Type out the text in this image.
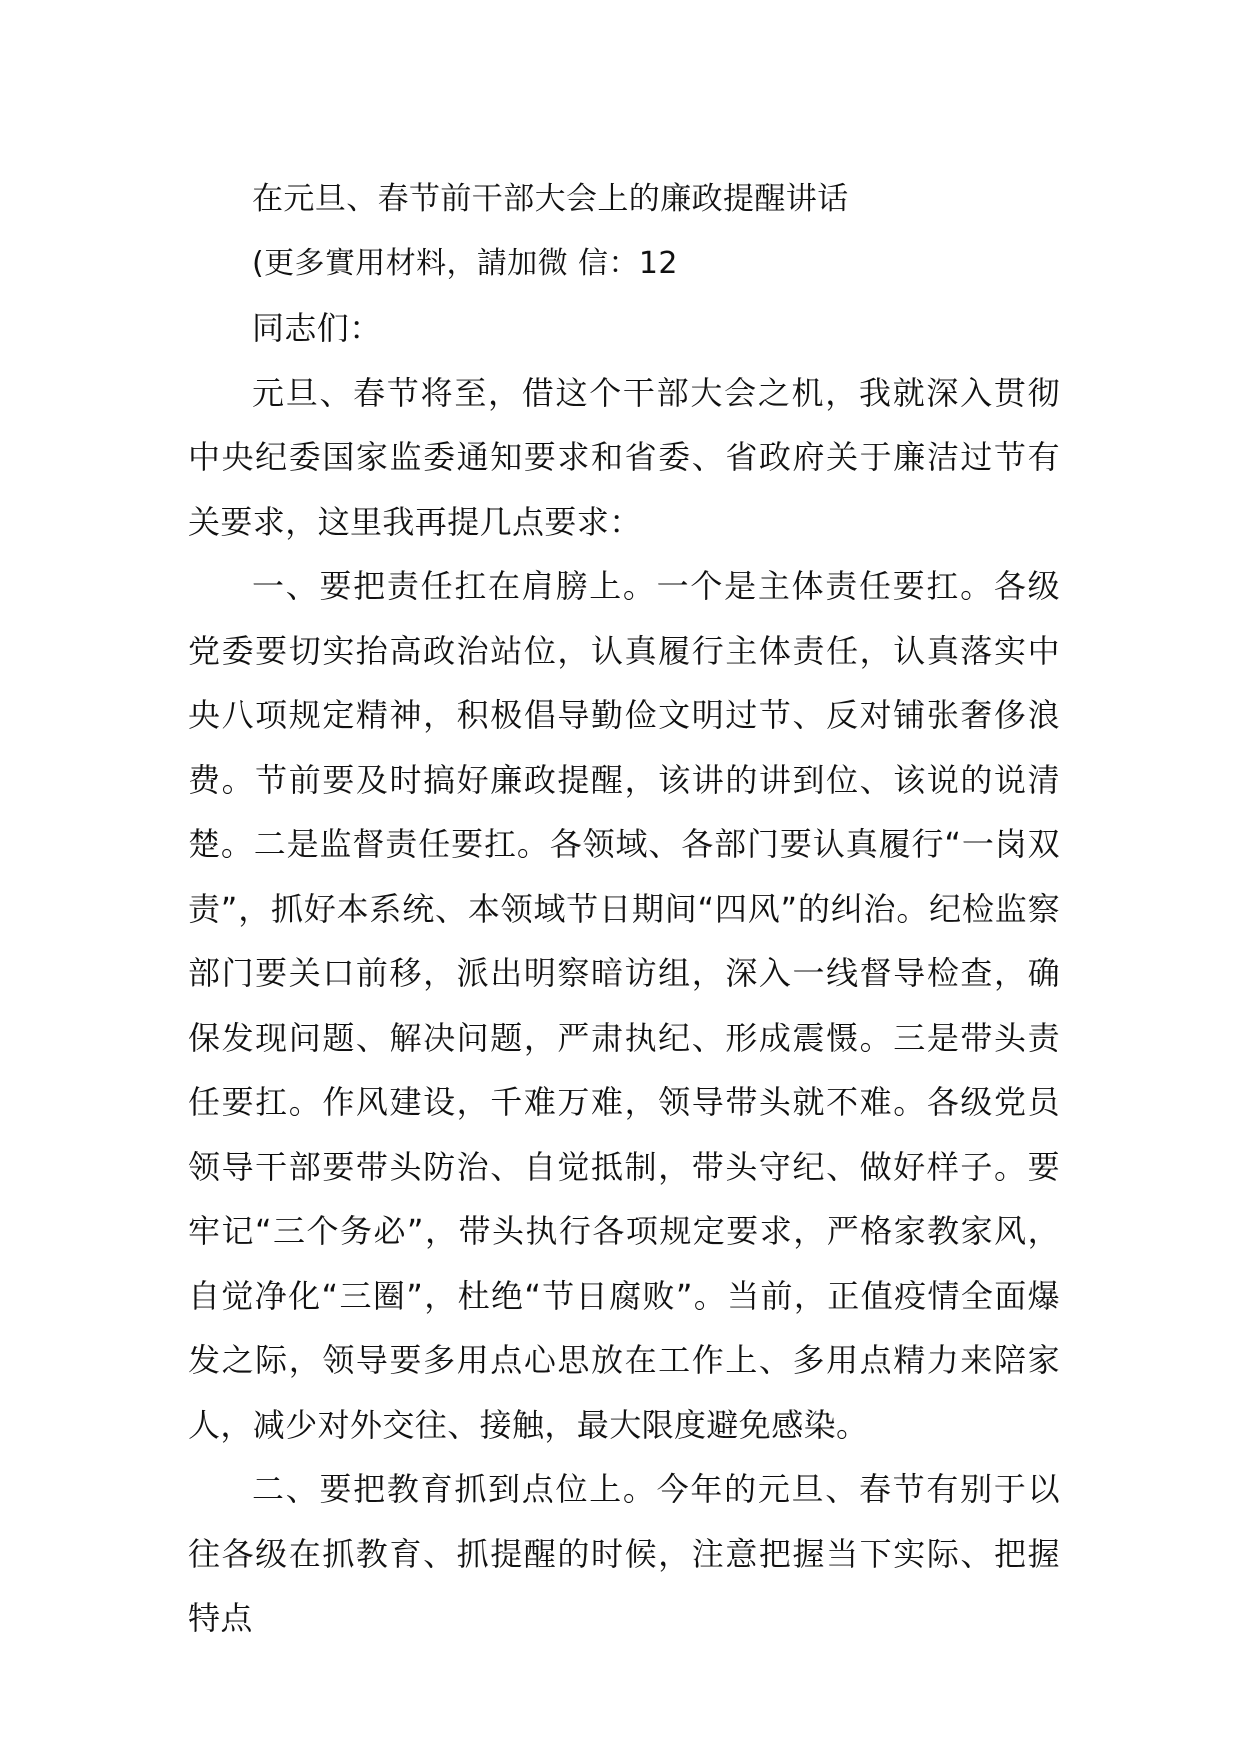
在元旦、春节前干部大会上的廉政提醒讲话

(更多實用材料，請加微 信：12

同志们：

元旦、春节将至，借这个干部大会之机，我就深入贯彻中央纪委国家监委通知要求和省委、省政府关于廉洁过节有关要求，这里我再提几点要求：

一、要把责任扛在肩膀上。一个是主体责任要扛。各级党委要切实抬高政治站位，认真履行主体责任，认真落实中央八项规定精神，积极倡导勤俭文明过节、反对铺张奢侈浪费。节前要及时搞好廉政提醒，该讲的讲到位、该说的说清楚。二是监督责任要扛。各领域、各部门要认真履行“一岗双责”，抓好本系统、本领域节日期间“四风”的纠治。纪检监察部门要关口前移，派出明察暗访组，深入一线督导检查，确保发现问题、解决问题，严肃执纪、形成震慑。三是带头责任要扛。作风建设，千难万难，领导带头就不难。各级党员领导干部要带头防治、自觉抵制，带头守纪、做好样子。要牢记“三个务必”，带头执行各项规定要求，严格家教家风，自觉净化“三圈”，杜绝“节日腐败”。当前，正值疫情全面爆发之际，领导要多用点心思放在工作上、多用点精力来陪家人，减少对外交往、接触，最大限度避免感染。

二、要把教育抓到点位上。今年的元旦、春节有别于以往各级在抓教育、抓提醒的时候，注意把握当下实际、把握特点
